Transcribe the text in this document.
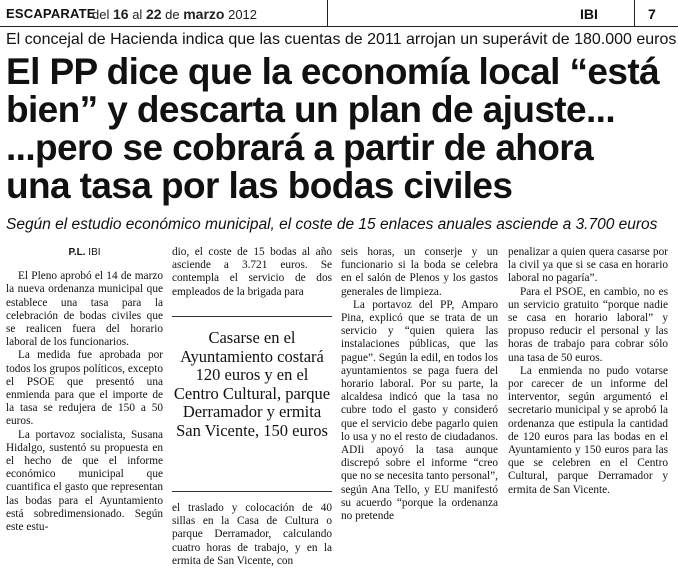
ESCAPARATE
del 16 al 22 de marzo 2012	IBI	7
El concejal de Hacienda indica que las cuentas de 2011 arrojan un superávit de 180.000 euros
El PP dice que la economía local “está
bien” y descarta un plan de ajuste...
...pero se cobrará a partir de ahora
una tasa por las bodas civiles
Según el estudio económico municipal, el coste de 15 enlaces anuales asciende a 3.700 euros
P.L. IBI

El Pleno aprobó el 14 de marzo la nueva ordenanza municipal que establece una tasa para la celebración de bodas civiles que se realicen fuera del horario laboral de los funcionarios.

La medida fue aprobada por todos los grupos políticos, excepto el PSOE que presentó una enmienda para que el importe de la tasa se redujera de 150 a 50 euros.

La portavoz socialista, Susana Hidalgo, sustentó su propuesta en el hecho de que el informe económico municipal que cuantifica el gasto que representan las bodas para el Ayuntamiento está sobredimensionado. Según este estu-

dio, el coste de 15 bodas al año asciende a 3.721 euros. Se contempla el servicio de dos empleados de la brigada para

Casarse en el Ayuntamiento costará 120 euros y en el Centro Cultural, parque Derramador y ermita San Vicente, 150 euros

el traslado y colocación de 40 sillas en la Casa de Cultura o parque Derramador, calculando cuatro horas de trabajo, y en la ermita de San Vicente, con

seis horas, un conserje y un funcionario si la boda se celebra en el salón de Plenos y los gastos generales de limpieza.

La portavoz del PP, Amparo Pina, explicó que se trata de un servicio y “quien quiera las instalaciones públicas, que las pague”. Según la edil, en todos los ayuntamientos se paga fuera del horario laboral. Por su parte, la alcaldesa indicó que la tasa no cubre todo el gasto y consideró que el servicio debe pagarlo quien lo usa y no el resto de ciudadanos. ADIi apoyó la tasa aunque discrepó sobre el informe “creo que no se necesita tanto personal”, según Ana Tello, y EU manifestó su acuerdo “porque la ordenanza no pretende

penalizar a quien quera casarse por la civil ya que si se casa en horario laboral no pagaría”.

Para el PSOE, en cambio, no es un servicio gratuito “porque nadie se casa en horario laboral” y propuso reducir el personal y las horas de trabajo para cobrar sólo una tasa de 50 euros.

La enmienda no pudo votarse por carecer de un informe del interventor, según argumentó el secretario municipal y se aprobó la ordenanza que estipula la cantidad de 120 euros para las bodas en el Ayuntamiento y 150 euros para las que se celebren en el Centro Cultural, parque Derramador y ermita de San Vicente.
